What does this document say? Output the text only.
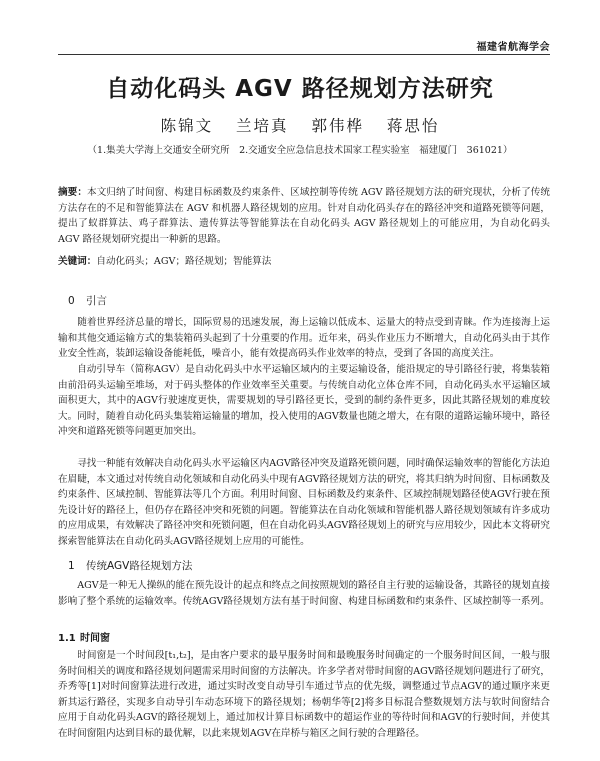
福建省航海学会
自动化码头 AGV 路径规划方法研究
陈锦文 兰培真 郭伟桦 蒋思怡
（1.集美大学海上交通安全研究所　2.交通安全应急信息技术国家工程实验室　福建厦门　361021）
摘要：本文归纳了时间窗、构建目标函数及约束条件、区域控制等传统 AGV 路径规划方法的研究现状，分析了传统方法存在的不足和智能算法在 AGV 和机器人路径规划的应用。针对自动化码头存在的路径冲突和道路死锁等问题，提出了蚁群算法、鸡子群算法、遗传算法等智能算法在自动化码头 AGV 路径规划上的可能应用，为自动化码头 AGV 路径规划研究提出一种新的思路。
关键词：自动化码头；AGV；路径规划；智能算法
0 引言
随着世界经济总量的增长，国际贸易的迅速发展，海上运输以低成本、运量大的特点受到青睐。作为连接海上运输和其他交通运输方式的集装箱码头起到了十分重要的作用。近年来，码头作业压力不断增大，自动化码头由于其作业安全性高，装卸运输设备能耗低，噪音小，能有效提高码头作业效率的特点，受到了各国的高度关注。
自动引导车（简称AGV）是自动化码头中水平运输区域内的主要运输设备，能沿规定的导引路径行驶，将集装箱由前沿码头运输至堆场，对于码头整体的作业效率至关重要。与传统自动化立体仓库不同，自动化码头水平运输区域面积更大，其中的AGV行驶速度更快，需要规划的导引路径更长，受到的制约条件更多，因此其路径规划的难度较大。同时，随着自动化码头集装箱运输量的增加，投入使用的AGV数量也随之增大，在有限的道路运输环境中，路径冲突和道路死锁等问题更加突出。
寻找一种能有效解决自动化码头水平运输区内AGV路径冲突及道路死锁问题，同时确保运输效率的智能化方法迫在眉睫，本文通过对传统自动化领域和自动化码头中现有AGV路径规划方法的研究，将其归纳为时间窗、目标函数及约束条件、区域控制、智能算法等几个方面。利用时间窗、目标函数及约束条件、区域控制规划路径使AGV行驶在预先设计好的路径上，但仍存在路径冲突和死锁的问题。智能算法在自动化领域和智能机器人路径规划领域有许多成功的应用成果，有效解决了路径冲突和死锁问题，但在自动化码头AGV路径规划上的研究与应用较少，因此本文将研究探索智能算法在自动化码头AGV路径规划上应用的可能性。
1 传统AGV路径规划方法
AGV是一种无人操纵的能在预先设计的起点和终点之间按照规划的路径自主行驶的运输设备，其路径的规划直接影响了整个系统的运输效率。传统AGV路径规划方法有基于时间窗、构建目标函数和约束条件、区域控制等一系列。
1.1 时间窗
时间窗是一个时间段[t₁,t₂]，是由客户要求的最早服务时间和最晚服务时间确定的一个服务时间区间，一般与服务时间相关的调度和路径规划问题需采用时间窗的方法解决。许多学者对带时间窗的AGV路径规划问题进行了研究，乔秀等[1]对时间窗算法进行改进，通过实时改变自动导引车通过节点的优先级，调整通过节点AGV的通过顺序来更新其运行路径，实现多自动导引车动态环境下的路径规划；杨朝华等[2]将多目标混合整数规划方法与软时间窗结合应用于自动化码头AGV的路径规划上，通过加权计算目标函数中的超运作业的等待时间和AGV的行驶时间，并使其在时间窗阻内达到目标的最优解，以此来规划AGV在岸桥与箱区之间行驶的合理路径。
